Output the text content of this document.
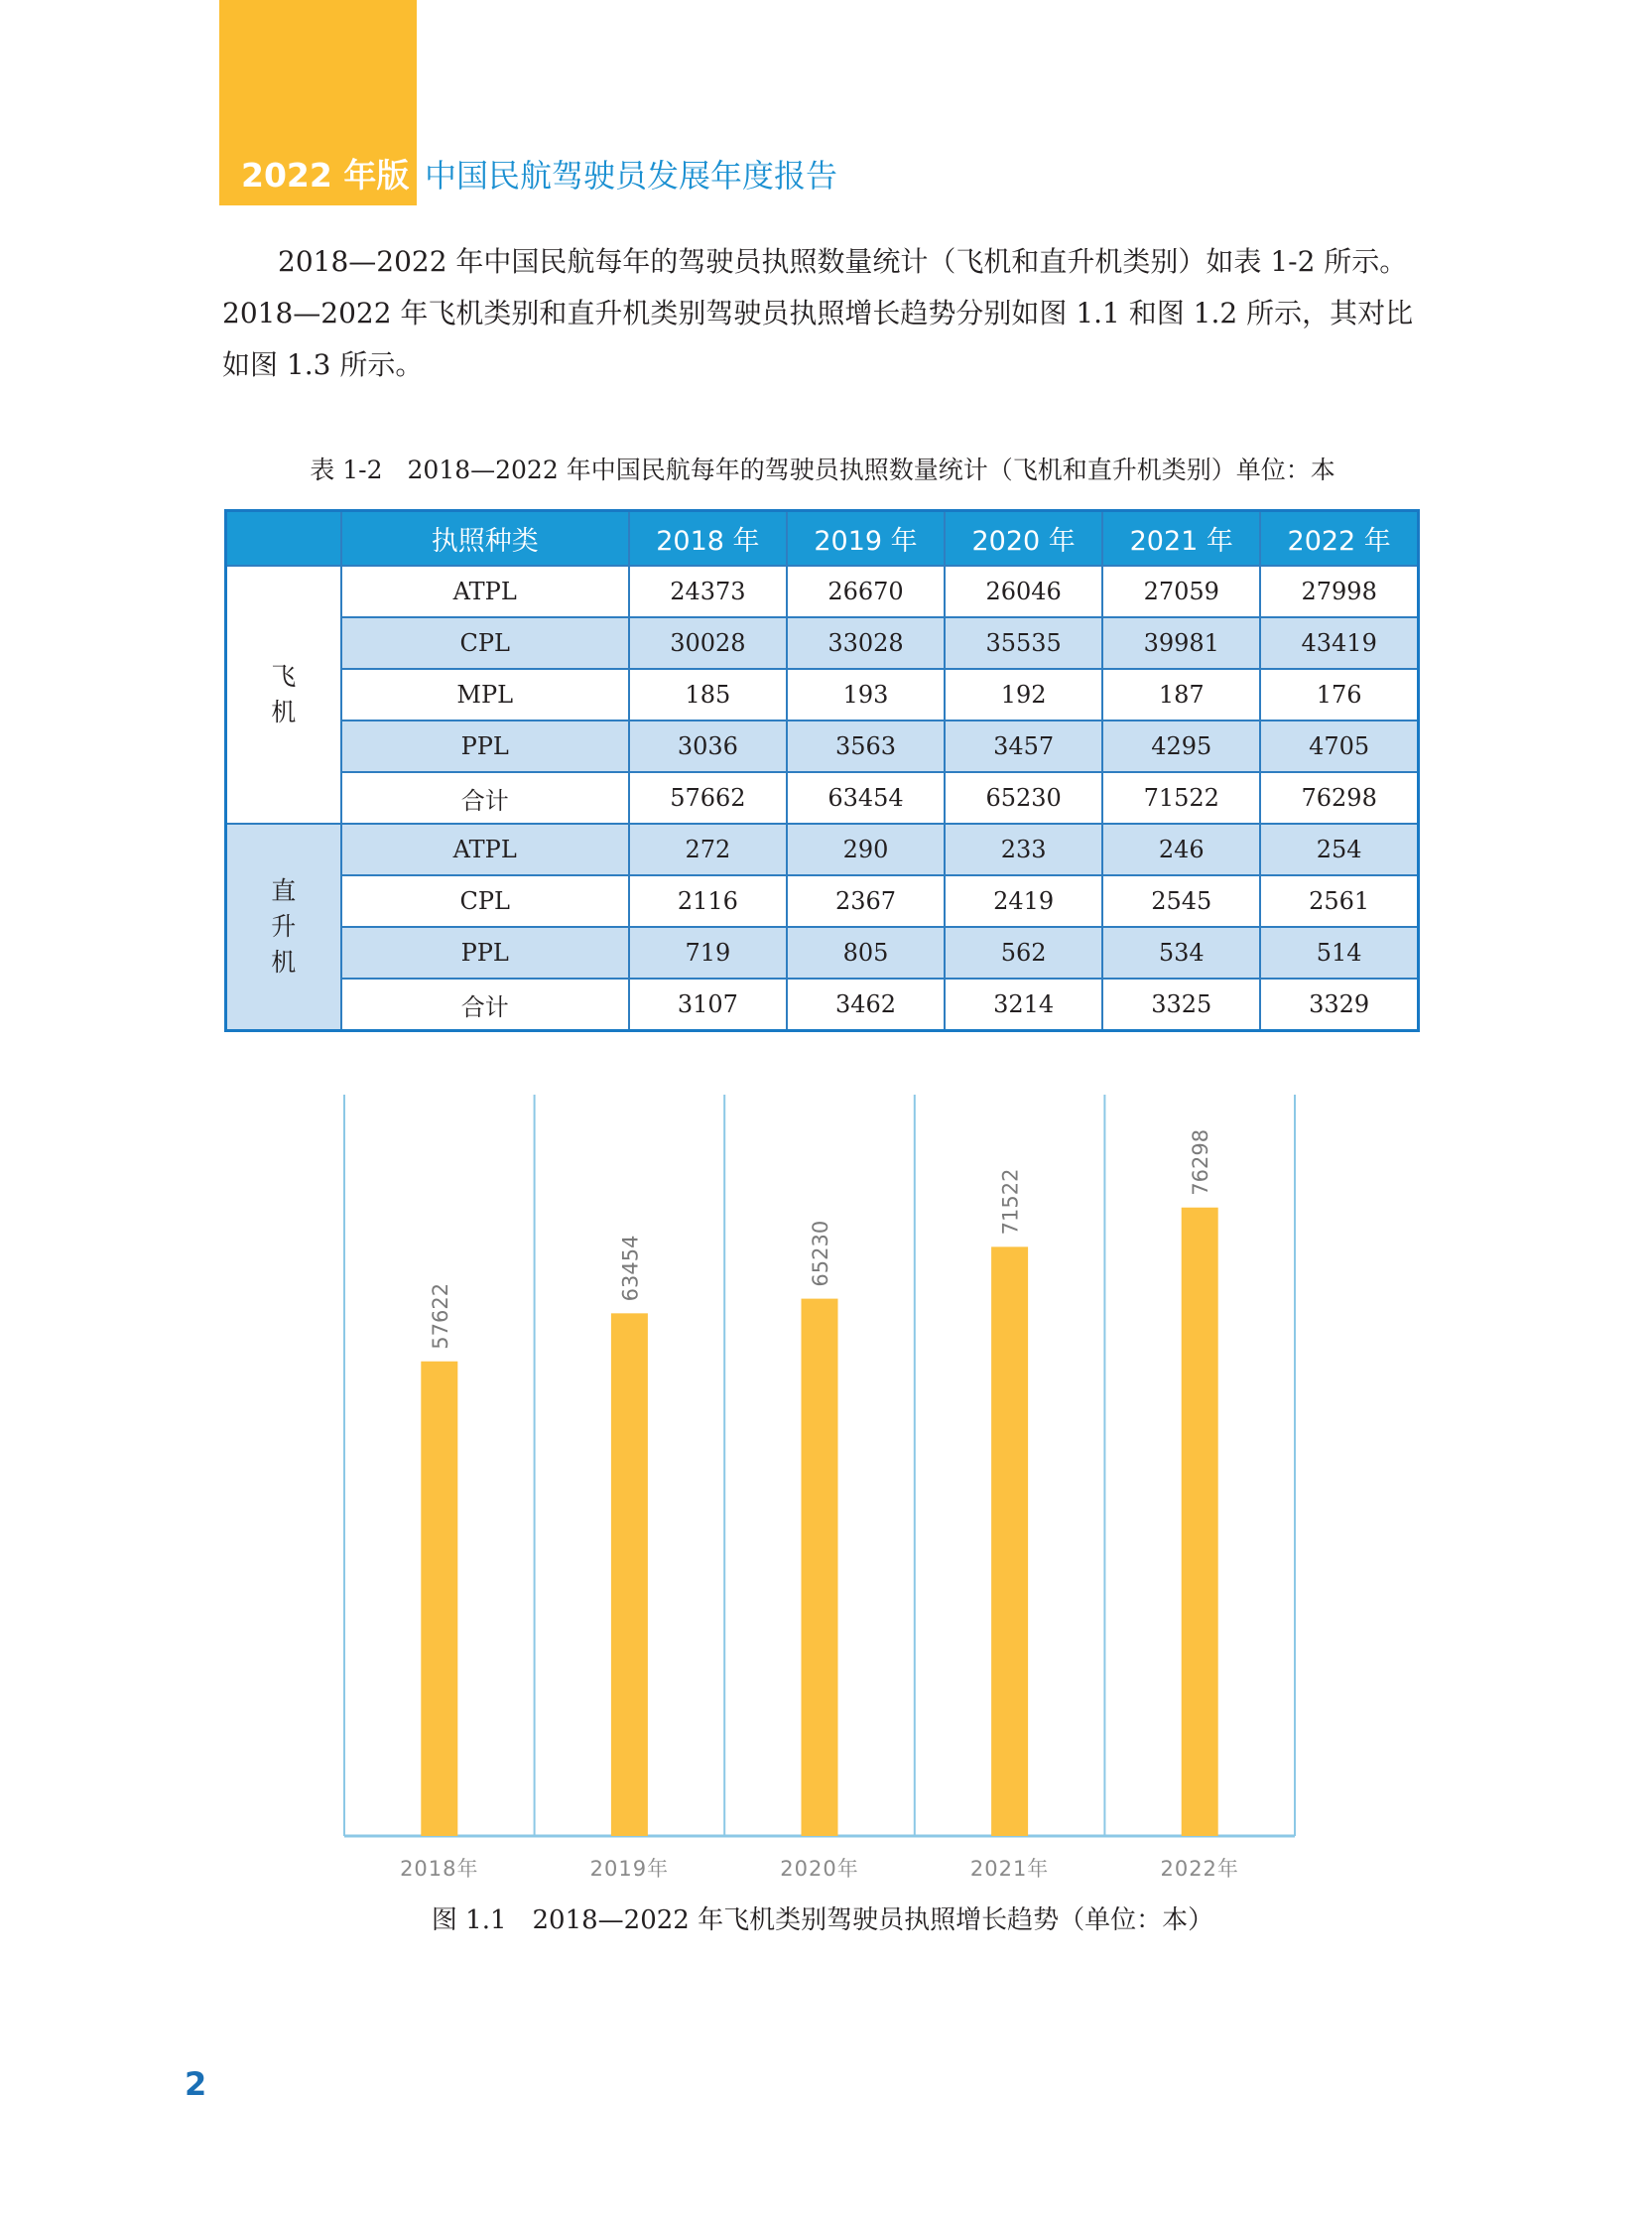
2022 年版 中国民航驾驶员发展年度报告

2018—2022 年中国民航每年的驾驶员执照数量统计（飞机和直升机类别）如表 1-2 所示。2018—2022 年飞机类别和直升机类别驾驶员执照增长趋势分别如图 1.1 和图 1.2 所示，其对比如图 1.3 所示。

表 1-2　2018—2022 年中国民航每年的驾驶员执照数量统计（飞机和直升机类别）单位：本
	执照种类	2018 年	2019 年	2020 年	2021 年	2022 年
飞
机	ATPL	24373	26670	26046	27059	27998
	CPL	30028	33028	35535	39981	43419
	MPL	185	193	192	187	176
	PPL	3036	3563	3457	4295	4705
	合计	57662	63454	65230	71522	76298
直
升
机	ATPL	272	290	233	246	254
	CPL	2116	2367	2419	2545	2561
	PPL	719	805	562	534	514
	合计	3107	3462	3214	3325	3329
57622
2018年
63454
2019年
65230
2020年
71522
2021年
76298
2022年
图 1.1　2018—2022 年飞机类别驾驶员执照增长趋势（单位：本）
2
